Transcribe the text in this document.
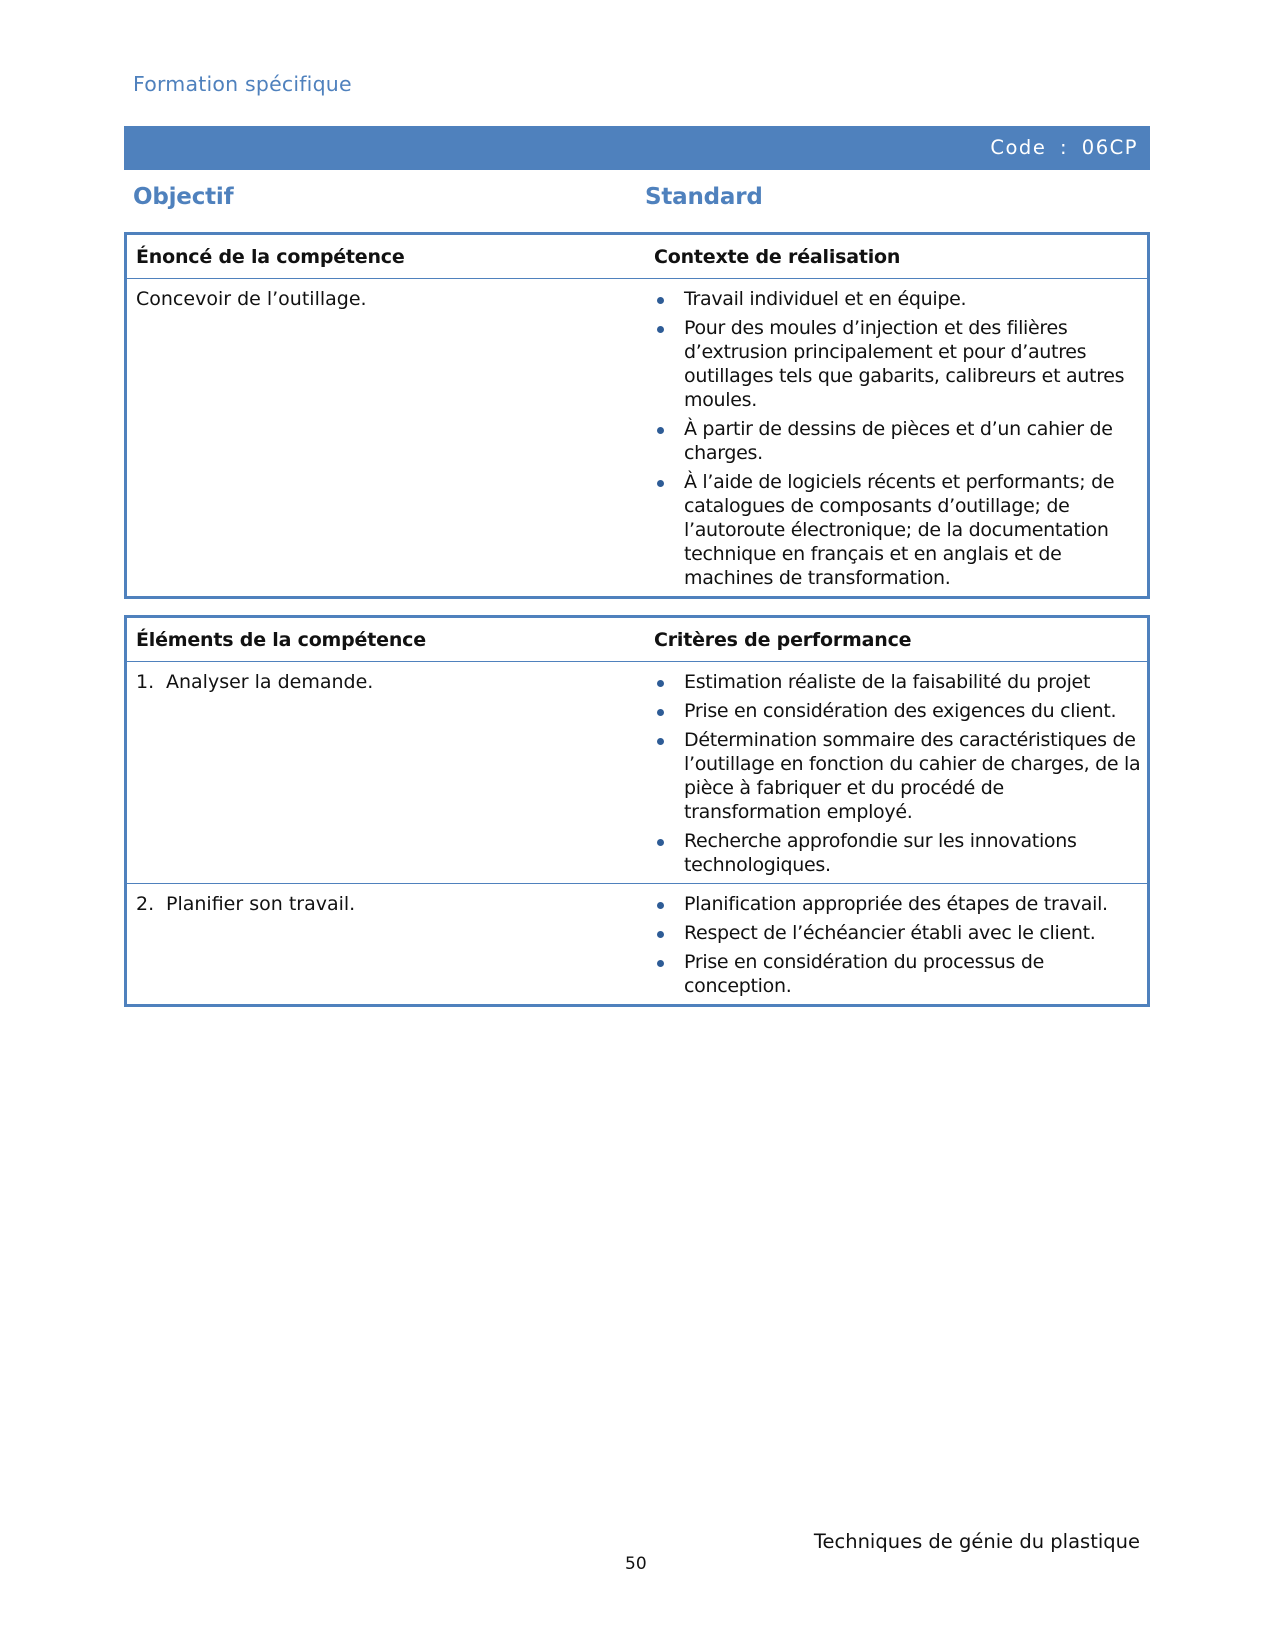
Formation spécifique
Code : 06CP
Objectif	Standard
Énoncé de la compétence	Contexte de réalisation
Concevoir de l’outillage.	Travail individuel et en équipe.
Pour des moules d’injection et des filières d’extrusion principalement et pour d’autres outillages tels que gabarits, calibreurs et autres moules.
À partir de dessins de pièces et d’un cahier de charges.
À l’aide de logiciels récents et performants; de catalogues de composants d’outillage; de l’autoroute électronique; de la documentation technique en français et en anglais et de machines de transformation.
Éléments de la compétence	Critères de performance
1. Analyser la demande.	Estimation réaliste de la faisabilité du projet
Prise en considération des exigences du client.
Détermination sommaire des caractéristiques de l’outillage en fonction du cahier de charges, de la pièce à fabriquer et du procédé de transformation employé.
Recherche approfondie sur les innovations technologiques.

2. Planifier son travail.	Planification appropriée des étapes de travail.
Respect de l’échéancier établi avec le client.
Prise en considération du processus de conception.
Techniques de génie du plastique
50
